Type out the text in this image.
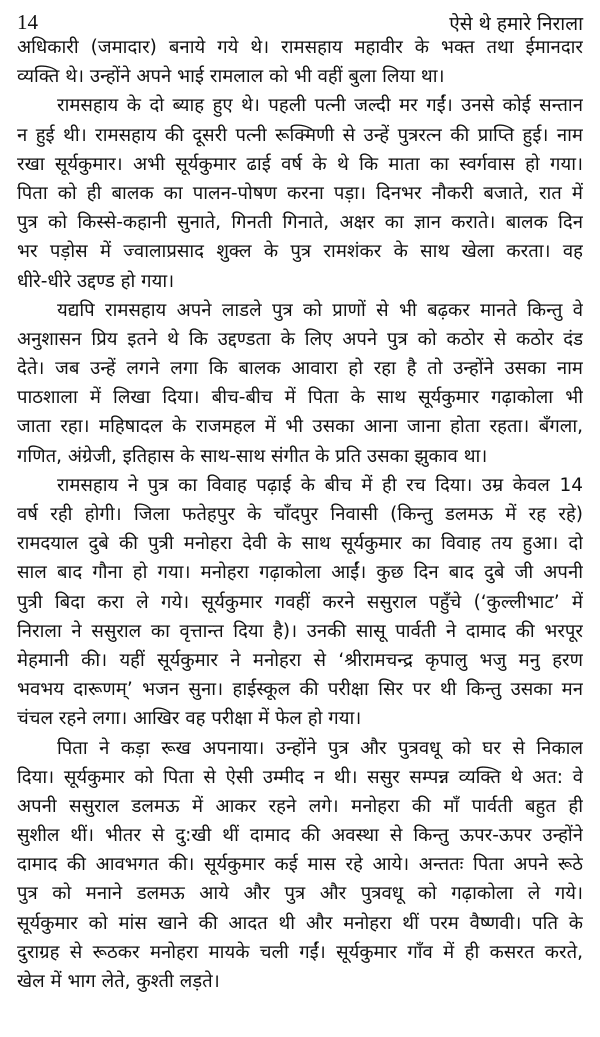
14	ऐसे थे हमारे निराला
अधिकारी (जमादार) बनाये गये थे। रामसहाय महावीर के भक्त तथा ईमानदार
व्यक्ति थे। उन्होंने अपने भाई रामलाल को भी वहीं बुला लिया था।
रामसहाय के दो ब्याह हुए थे। पहली पत्नी जल्दी मर गईं। उनसे कोई सन्तान
न हुई थी। रामसहाय की दूसरी पत्नी रूक्मिणी से उन्हें पुत्ररत्न की प्राप्ति हुई। नाम
रखा सूर्यकुमार। अभी सूर्यकुमार ढाई वर्ष के थे कि माता का स्वर्गवास हो गया।
पिता को ही बालक का पालन-पोषण करना पड़ा। दिनभर नौकरी बजाते, रात में
पुत्र को किस्से-कहानी सुनाते, गिनती गिनाते, अक्षर का ज्ञान कराते। बालक दिन
भर पड़ोस में ज्वालाप्रसाद शुक्ल के पुत्र रामशंकर के साथ खेला करता। वह
धीरे-धीरे उद्दण्ड हो गया।
यद्यपि रामसहाय अपने लाडले पुत्र को प्राणों से भी बढ़कर मानते किन्तु वे
अनुशासन प्रिय इतने थे कि उद्दण्डता के लिए अपने पुत्र को कठोर से कठोर दंड
देते। जब उन्हें लगने लगा कि बालक आवारा हो रहा है तो उन्होंने उसका नाम
पाठशाला में लिखा दिया। बीच-बीच में पिता के साथ सूर्यकुमार गढ़ाकोला भी
जाता रहा। महिषादल के राजमहल में भी उसका आना जाना होता रहता। बँगला,
गणित, अंग्रेजी, इतिहास के साथ-साथ संगीत के प्रति उसका झुकाव था।
रामसहाय ने पुत्र का विवाह पढ़ाई के बीच में ही रच दिया। उम्र केवल 14
वर्ष रही होगी। जिला फतेहपुर के चाँदपुर निवासी (किन्तु डलमऊ में रह रहे)
रामदयाल दुबे की पुत्री मनोहरा देवी के साथ सूर्यकुमार का विवाह तय हुआ। दो
साल बाद गौना हो गया। मनोहरा गढ़ाकोला आईं। कुछ दिन बाद दुबे जी अपनी
पुत्री बिदा करा ले गये। सूर्यकुमार गवहीं करने ससुराल पहुँचे (‘कुल्लीभाट’ में
निराला ने ससुराल का वृत्तान्त दिया है)। उनकी सासू पार्वती ने दामाद की भरपूर
मेहमानी की। यहीं सूर्यकुमार ने मनोहरा से ‘श्रीरामचन्द्र कृपालु भजु मनु हरण
भवभय दारूणम्’ भजन सुना। हाईस्कूल की परीक्षा सिर पर थी किन्तु उसका मन
चंचल रहने लगा। आखिर वह परीक्षा में फेल हो गया।
पिता ने कड़ा रूख अपनाया। उन्होंने पुत्र और पुत्रवधू को घर से निकाल
दिया। सूर्यकुमार को पिता से ऐसी उम्मीद न थी। ससुर सम्पन्न व्यक्ति थे अत: वे
अपनी ससुराल डलमऊ में आकर रहने लगे। मनोहरा की माँ पार्वती बहुत ही
सुशील थीं। भीतर से दु:खी थीं दामाद की अवस्था से किन्तु ऊपर-ऊपर उन्होंने
दामाद की आवभगत की। सूर्यकुमार कई मास रहे आये। अन्ततः पिता अपने रूठे
पुत्र को मनाने डलमऊ आये और पुत्र और पुत्रवधू को गढ़ाकोला ले गये।
सूर्यकुमार को मांस खाने की आदत थी और मनोहरा थीं परम वैष्णवी। पति के
दुराग्रह से रूठकर मनोहरा मायके चली गईं। सूर्यकुमार गाँव में ही कसरत करते,
खेल में भाग लेते, कुश्ती लड़ते।
